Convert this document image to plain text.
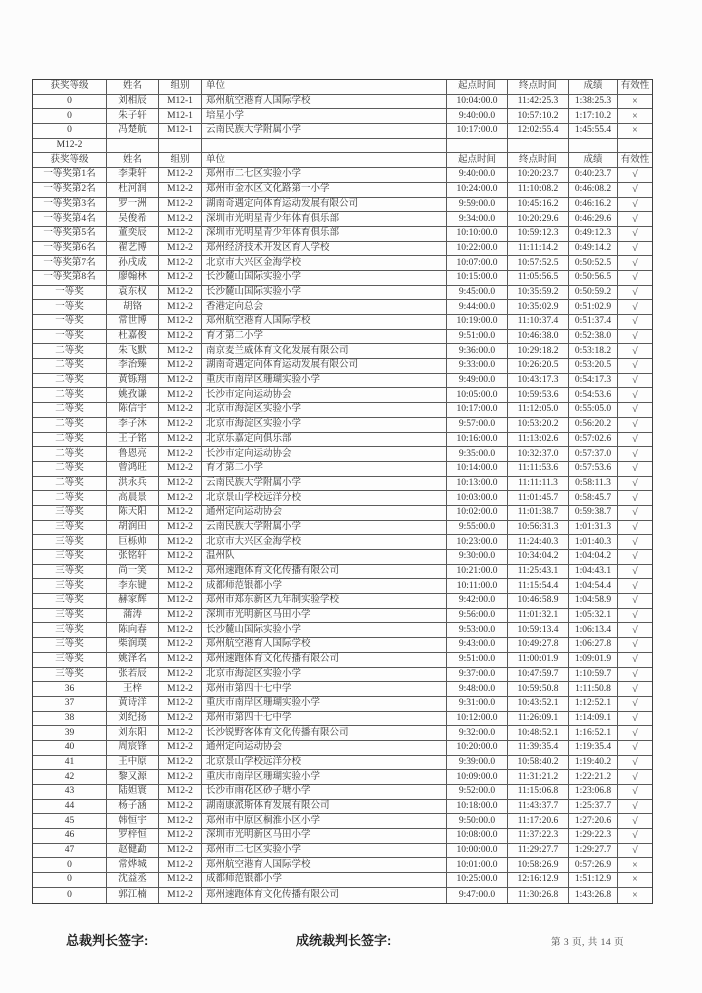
获奖等级	姓名	组别	单位	起点时间	终点时间	成绩	有效性
0	刘相辰	M12-1	郑州航空港育人国际学校	10:04:00.0	11:42:25.3	1:38:25.3	×
0	朱子轩	M12-1	培星小学	9:40:00.0	10:57:10.2	1:17:10.2	×
0	冯楚航	M12-1	云南民族大学附属小学	10:17:00.0	12:02:55.4	1:45:55.4	×
M12-2
获奖等级	姓名	组别	单位	起点时间	终点时间	成绩	有效性
一等奖第1名	李秉轩	M12-2	郑州市二七区实验小学	9:40:00.0	10:20:23.7	0:40:23.7	√
一等奖第2名	杜河润	M12-2	郑州市金水区文化路第一小学	10:24:00.0	11:10:08.2	0:46:08.2	√
一等奖第3名	罗一洲	M12-2	湖南奇遇定向体育运动发展有限公司	9:59:00.0	10:45:16.2	0:46:16.2	√
一等奖第4名	吴俊希	M12-2	深圳市光明星青少年体育俱乐部	9:34:00.0	10:20:29.6	0:46:29.6	√
一等奖第5名	董奕辰	M12-2	深圳市光明星青少年体育俱乐部	10:10:00.0	10:59:12.3	0:49:12.3	√
一等奖第6名	翟艺博	M12-2	郑州经济技术开发区育人学校	10:22:00.0	11:11:14.2	0:49:14.2	√
一等奖第7名	孙戌成	M12-2	北京市大兴区金海学校	10:07:00.0	10:57:52.5	0:50:52.5	√
一等奖第8名	廖翰林	M12-2	长沙麓山国际实验小学	10:15:00.0	11:05:56.5	0:50:56.5	√
一等奖	袁东权	M12-2	长沙麓山国际实验小学	9:45:00.0	10:35:59.2	0:50:59.2	√
一等奖	胡铬	M12-2	香港定向总会	9:44:00.0	10:35:02.9	0:51:02.9	√
一等奖	常世博	M12-2	郑州航空港育人国际学校	10:19:00.0	11:10:37.4	0:51:37.4	√
一等奖	杜嘉俊	M12-2	育才第二小学	9:51:00.0	10:46:38.0	0:52:38.0	√
二等奖	朱飞默	M12-2	南京麦兰威体育文化发展有限公司	9:36:00.0	10:29:18.2	0:53:18.2	√
二等奖	李治臻	M12-2	湖南奇遇定向体育运动发展有限公司	9:33:00.0	10:26:20.5	0:53:20.5	√
二等奖	黄铄翔	M12-2	重庆市南岸区珊瑚实验小学	9:49:00.0	10:43:17.3	0:54:17.3	√
二等奖	姚孜谦	M12-2	长沙市定向运动协会	10:05:00.0	10:59:53.6	0:54:53.6	√
二等奖	陈信宇	M12-2	北京市海淀区实验小学	10:17:00.0	11:12:05.0	0:55:05.0	√
二等奖	李子沐	M12-2	北京市海淀区实验小学	9:57:00.0	10:53:20.2	0:56:20.2	√
二等奖	王子铭	M12-2	北京乐嘉定向俱乐部	10:16:00.0	11:13:02.6	0:57:02.6	√
二等奖	鲁恩亮	M12-2	长沙市定向运动协会	9:35:00.0	10:32:37.0	0:57:37.0	√
二等奖	曾鸿旺	M12-2	育才第二小学	10:14:00.0	11:11:53.6	0:57:53.6	√
二等奖	洪永兵	M12-2	云南民族大学附属小学	10:13:00.0	11:11:11.3	0:58:11.3	√
二等奖	高晨景	M12-2	北京景山学校远洋分校	10:03:00.0	11:01:45.7	0:58:45.7	√
三等奖	陈天阳	M12-2	通州定向运动协会	10:02:00.0	11:01:38.7	0:59:38.7	√
三等奖	胡润田	M12-2	云南民族大学附属小学	9:55:00.0	10:56:31.3	1:01:31.3	√
三等奖	巨栎帅	M12-2	北京市大兴区金海学校	10:23:00.0	11:24:40.3	1:01:40.3	√
三等奖	张铭轩	M12-2	温州队	9:30:00.0	10:34:04.2	1:04:04.2	√
三等奖	尚一笑	M12-2	郑州速跑体育文化传播有限公司	10:21:00.0	11:25:43.1	1:04:43.1	√
三等奖	李东键	M12-2	成都师范银都小学	10:11:00.0	11:15:54.4	1:04:54.4	√
三等奖	赫家辉	M12-2	郑州市郑东新区九年制实验学校	9:42:00.0	10:46:58.9	1:04:58.9	√
三等奖	蒲涛	M12-2	深圳市光明新区马田小学	9:56:00.0	11:01:32.1	1:05:32.1	√
三等奖	陈向春	M12-2	长沙麓山国际实验小学	9:53:00.0	10:59:13.4	1:06:13.4	√
三等奖	柴润璞	M12-2	郑州航空港育人国际学校	9:43:00.0	10:49:27.8	1:06:27.8	√
三等奖	姚泽名	M12-2	郑州速跑体育文化传播有限公司	9:51:00.0	11:00:01.9	1:09:01.9	√
三等奖	张若辰	M12-2	北京市海淀区实验小学	9:37:00.0	10:47:59.7	1:10:59.7	√
36	王梓	M12-2	郑州市第四十七中学	9:48:00.0	10:59:50.8	1:11:50.8	√
37	黄诗洋	M12-2	重庆市南岸区珊瑚实验小学	9:31:00.0	10:43:52.1	1:12:52.1	√
38	刘纪扬	M12-2	郑州市第四十七中学	10:12:00.0	11:26:09.1	1:14:09.1	√
39	刘东阳	M12-2	长沙锐野客体育文化传播有限公司	9:32:00.0	10:48:52.1	1:16:52.1	√
40	周宸锋	M12-2	通州定向运动协会	10:20:00.0	11:39:35.4	1:19:35.4	√
41	王中原	M12-2	北京景山学校远洋分校	9:39:00.0	10:58:40.2	1:19:40.2	√
42	黎又源	M12-2	重庆市南岸区珊瑚实验小学	10:09:00.0	11:31:21.2	1:22:21.2	√
43	陆妲寰	M12-2	长沙市雨花区砂子塘小学	9:52:00.0	11:15:06.8	1:23:06.8	√
44	杨子涵	M12-2	湖南康派斯体育发展有限公司	10:18:00.0	11:43:37.7	1:25:37.7	√
45	韩恒宇	M12-2	郑州市中原区桐淮小区小学	9:50:00.0	11:17:20.6	1:27:20.6	√
46	罗梓恒	M12-2	深圳市光明新区马田小学	10:08:00.0	11:37:22.3	1:29:22.3	√
47	赵健勐	M12-2	郑州市二七区实验小学	10:00:00.0	11:29:27.7	1:29:27.7	√
0	常烨城	M12-2	郑州航空港育人国际学校	10:01:00.0	10:58:26.9	0:57:26.9	×
0	沈益丞	M12-2	成都师范银都小学	10:25:00.0	12:16:12.9	1:51:12.9	×
0	郭江楠	M12-2	郑州速跑体育文化传播有限公司	9:47:00.0	11:30:26.8	1:43:26.8	×
总裁判长签字:	成统裁判长签字:	第 3 页, 共 14 页
